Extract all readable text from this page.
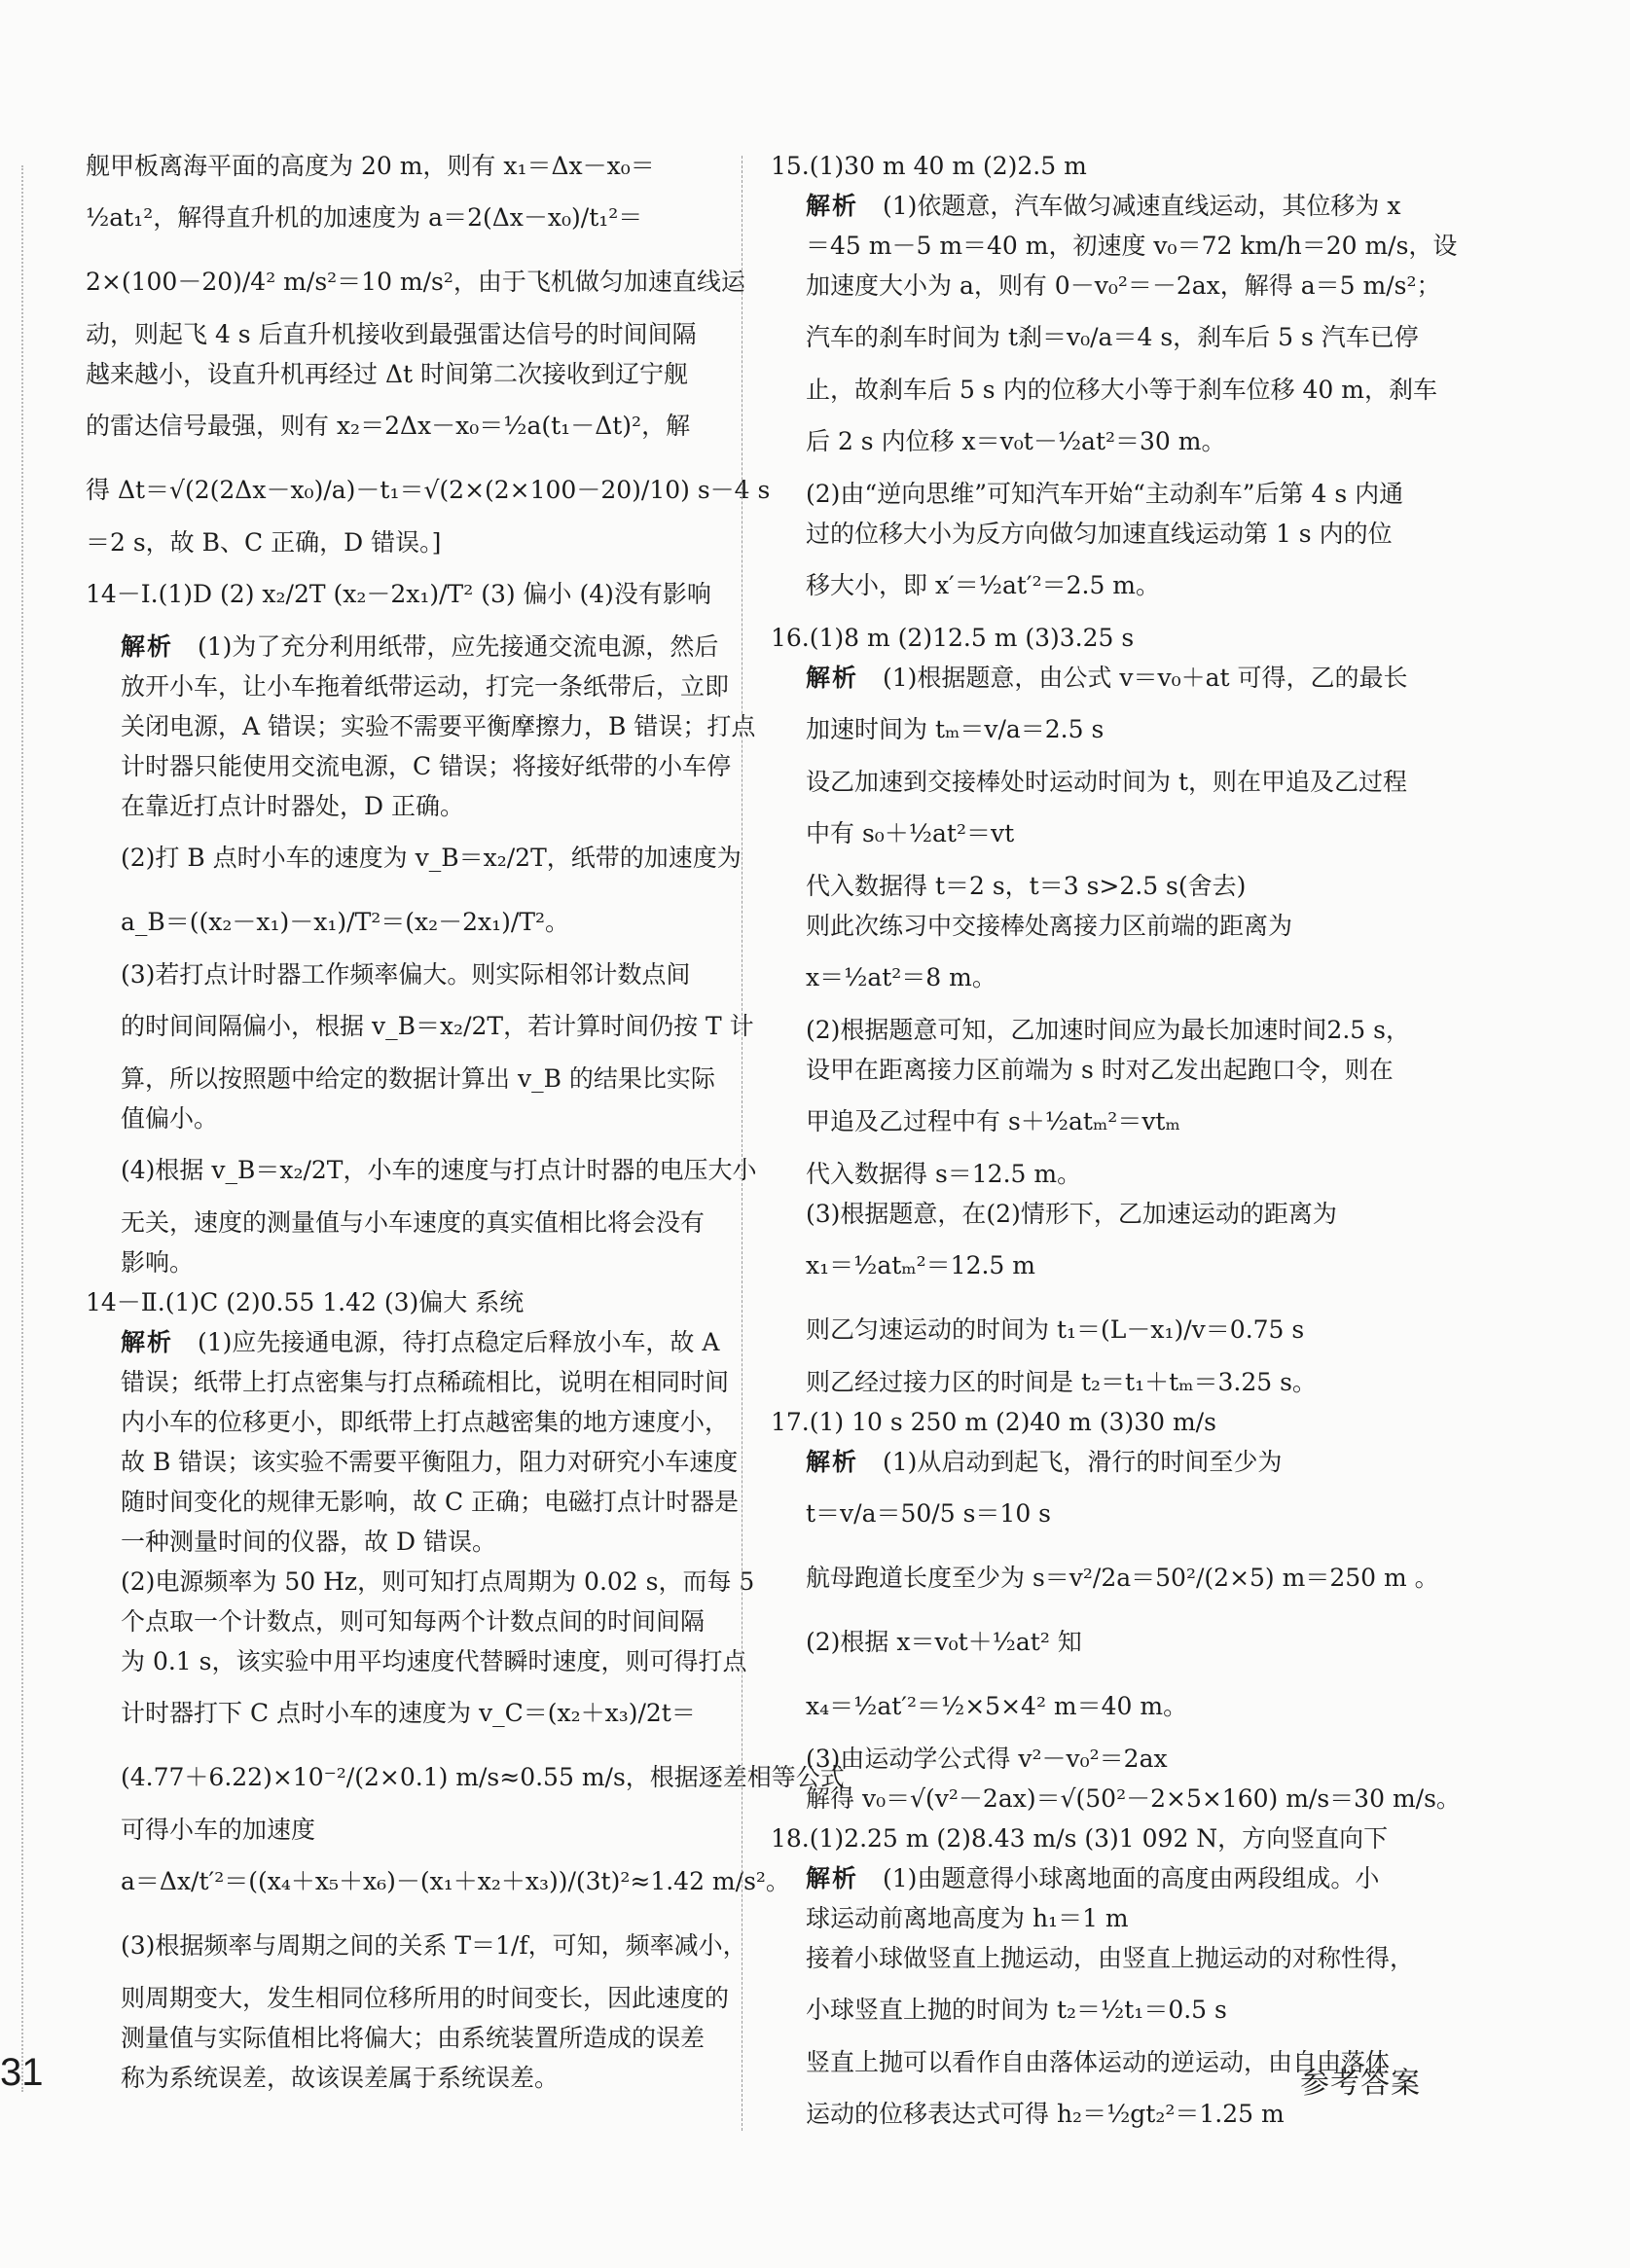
舰甲板离海平面的高度为 20 m，则有 x₁＝Δx－x₀＝
½at₁²，解得直升机的加速度为 a＝2(Δx－x₀)/t₁²＝
2×(100－20)/4² m/s²＝10 m/s²，由于飞机做匀加速直线运
动，则起飞 4 s 后直升机接收到最强雷达信号的时间间隔
越来越小，设直升机再经过 Δt 时间第二次接收到辽宁舰
的雷达信号最强，则有 x₂＝2Δx－x₀＝½a(t₁－Δt)²，解
得 Δt＝√(2(2Δx－x₀)/a)－t₁＝√(2×(2×100－20)/10) s－4 s
＝2 s，故 B、C 正确，D 错误。]
14－Ⅰ.(1)D (2) x₂/2T (x₂－2x₁)/T² (3) 偏小 (4)没有影响
解析  (1)为了充分利用纸带，应先接通交流电源，然后
放开小车，让小车拖着纸带运动，打完一条纸带后，立即
关闭电源，A 错误；实验不需要平衡摩擦力，B 错误；打点
计时器只能使用交流电源，C 错误；将接好纸带的小车停
在靠近打点计时器处，D 正确。
(2)打 B 点时小车的速度为 v_B＝x₂/2T，纸带的加速度为
a_B＝((x₂－x₁)－x₁)/T²＝(x₂－2x₁)/T²。
(3)若打点计时器工作频率偏大。则实际相邻计数点间
的时间间隔偏小，根据 v_B＝x₂/2T，若计算时间仍按 T 计
算，所以按照题中给定的数据计算出 v_B 的结果比实际
值偏小。
(4)根据 v_B＝x₂/2T，小车的速度与打点计时器的电压大小
无关，速度的测量值与小车速度的真实值相比将会没有
影响。
14－Ⅱ.(1)C (2)0.55 1.42 (3)偏大 系统
解析  (1)应先接通电源，待打点稳定后释放小车，故 A
错误；纸带上打点密集与打点稀疏相比，说明在相同时间
内小车的位移更小，即纸带上打点越密集的地方速度小，
故 B 错误；该实验不需要平衡阻力，阻力对研究小车速度
随时间变化的规律无影响，故 C 正确；电磁打点计时器是
一种测量时间的仪器，故 D 错误。
(2)电源频率为 50 Hz，则可知打点周期为 0.02 s，而每 5
个点取一个计数点，则可知每两个计数点间的时间间隔
为 0.1 s，该实验中用平均速度代替瞬时速度，则可得打点
计时器打下 C 点时小车的速度为 v_C＝(x₂＋x₃)/2t＝
(4.77＋6.22)×10⁻²/(2×0.1) m/s≈0.55 m/s，根据逐差相等公式
可得小车的加速度
a＝Δx/t′²＝((x₄＋x₅＋x₆)－(x₁＋x₂＋x₃))/(3t)²≈1.42 m/s²。
(3)根据频率与周期之间的关系 T＝1/f，可知，频率减小，
则周期变大，发生相同位移所用的时间变长，因此速度的
测量值与实际值相比将偏大；由系统装置所造成的误差
称为系统误差，故该误差属于系统误差。
15.(1)30 m 40 m (2)2.5 m
解析  (1)依题意，汽车做匀减速直线运动，其位移为 x
＝45 m－5 m＝40 m，初速度 v₀＝72 km/h＝20 m/s，设
加速度大小为 a，则有 0－v₀²＝－2ax，解得 a＝5 m/s²；
汽车的刹车时间为 t刹＝v₀/a＝4 s，刹车后 5 s 汽车已停
止，故刹车后 5 s 内的位移大小等于刹车位移 40 m，刹车
后 2 s 内位移 x＝v₀t－½at²＝30 m。
(2)由“逆向思维”可知汽车开始“主动刹车”后第 4 s 内通
过的位移大小为反方向做匀加速直线运动第 1 s 内的位
移大小，即 x′＝½at′²＝2.5 m。
16.(1)8 m (2)12.5 m (3)3.25 s
解析  (1)根据题意，由公式 v＝v₀＋at 可得，乙的最长
加速时间为 tₘ＝v/a＝2.5 s
设乙加速到交接棒处时运动时间为 t，则在甲追及乙过程
中有 s₀＋½at²＝vt
代入数据得 t＝2 s，t＝3 s>2.5 s(舍去)
则此次练习中交接棒处离接力区前端的距离为
x＝½at²＝8 m。
(2)根据题意可知，乙加速时间应为最长加速时间2.5 s，
设甲在距离接力区前端为 s 时对乙发出起跑口令，则在
甲追及乙过程中有 s＋½atₘ²＝vtₘ
代入数据得 s＝12.5 m。
(3)根据题意，在(2)情形下，乙加速运动的距离为
x₁＝½atₘ²＝12.5 m
则乙匀速运动的时间为 t₁＝(L－x₁)/v＝0.75 s
则乙经过接力区的时间是 t₂＝t₁＋tₘ＝3.25 s。
17.(1) 10 s 250 m (2)40 m (3)30 m/s
解析  (1)从启动到起飞，滑行的时间至少为
t＝v/a＝50/5 s＝10 s
航母跑道长度至少为 s＝v²/2a＝50²/(2×5) m＝250 m 。
(2)根据 x＝v₀t＋½at² 知
x₄＝½at′²＝½×5×4² m＝40 m。
(3)由运动学公式得 v²－v₀²＝2ax
解得 v₀＝√(v²－2ax)＝√(50²－2×5×160) m/s＝30 m/s。
18.(1)2.25 m (2)8.43 m/s (3)1 092 N，方向竖直向下
解析  (1)由题意得小球离地面的高度由两段组成。小
球运动前离地高度为 h₁＝1 m
接着小球做竖直上抛运动，由竖直上抛运动的对称性得，
小球竖直上抛的时间为 t₂＝½t₁＝0.5 s
竖直上抛可以看作自由落体运动的逆运动，由自由落体
运动的位移表达式可得 h₂＝½gt₂²＝1.25 m
31	参考答案
